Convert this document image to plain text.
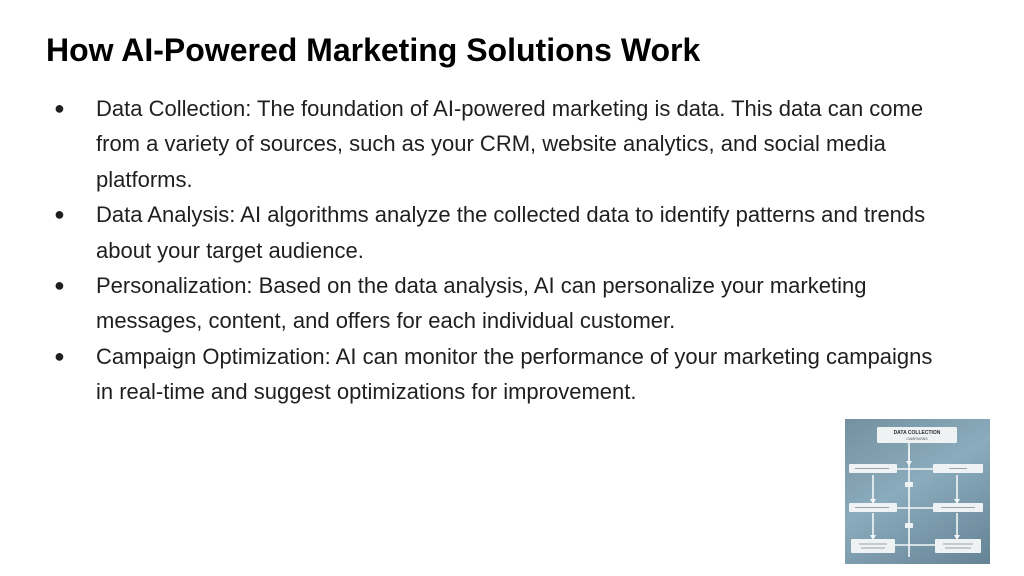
How AI-Powered Marketing Solutions Work
●	Data Collection: The foundation of AI-powered marketing is data. This data can come from a variety of sources, such as your CRM, website analytics, and social media platforms.
●	Data Analysis: AI algorithms analyze the collected data to identify patterns and trends about your target audience.
●	Personalization: Based on the data analysis, AI can personalize your marketing messages, content, and offers for each individual customer.
●	Campaign Optimization: AI can monitor the performance of your marketing campaigns in real-time and suggest optimizations for improvement.
DATA COLLECTION
CAMPAIGNS
